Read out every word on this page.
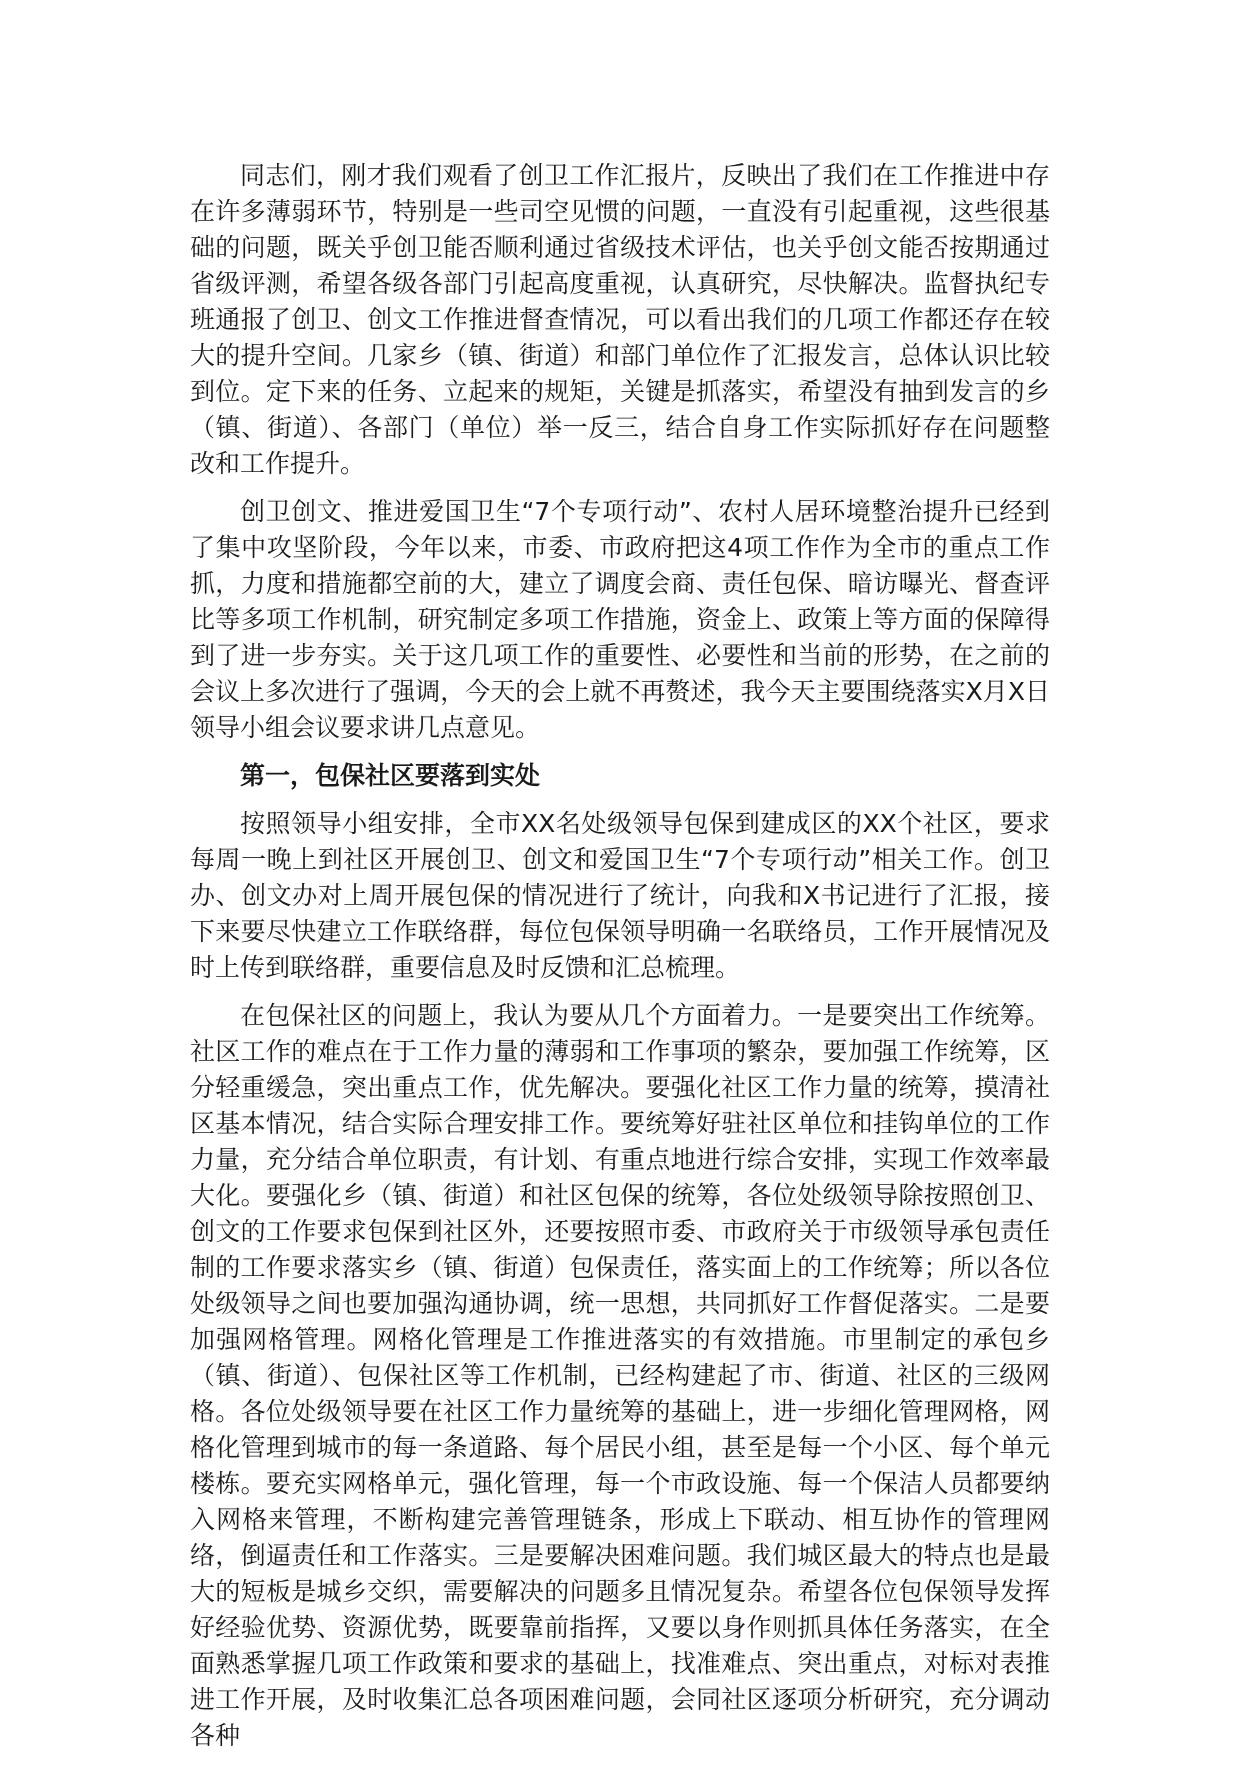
同志们，刚才我们观看了创卫工作汇报片，反映出了我们在工作推进中存在许多薄弱环节，特别是一些司空见惯的问题，一直没有引起重视，这些很基础的问题，既关乎创卫能否顺利通过省级技术评估，也关乎创文能否按期通过省级评测，希望各级各部门引起高度重视，认真研究，尽快解决。监督执纪专班通报了创卫、创文工作推进督查情况，可以看出我们的几项工作都还存在较大的提升空间。几家乡（镇、街道）和部门单位作了汇报发言，总体认识比较到位。定下来的任务、立起来的规矩，关键是抓落实，希望没有抽到发言的乡（镇、街道）、各部门（单位）举一反三，结合自身工作实际抓好存在问题整改和工作提升。

创卫创文、推进爱国卫生“7个专项行动”、农村人居环境整治提升已经到了集中攻坚阶段，今年以来，市委、市政府把这4项工作作为全市的重点工作抓，力度和措施都空前的大，建立了调度会商、责任包保、暗访曝光、督查评比等多项工作机制，研究制定多项工作措施，资金上、政策上等方面的保障得到了进一步夯实。关于这几项工作的重要性、必要性和当前的形势，在之前的会议上多次进行了强调，今天的会上就不再赘述，我今天主要围绕落实X月X日领导小组会议要求讲几点意见。

第一，包保社区要落到实处

按照领导小组安排，全市XX名处级领导包保到建成区的XX个社区，要求每周一晚上到社区开展创卫、创文和爱国卫生“7个专项行动”相关工作。创卫办、创文办对上周开展包保的情况进行了统计，向我和X书记进行了汇报，接下来要尽快建立工作联络群，每位包保领导明确一名联络员，工作开展情况及时上传到联络群，重要信息及时反馈和汇总梳理。

在包保社区的问题上，我认为要从几个方面着力。一是要突出工作统筹。社区工作的难点在于工作力量的薄弱和工作事项的繁杂，要加强工作统筹，区分轻重缓急，突出重点工作，优先解决。要强化社区工作力量的统筹，摸清社区基本情况，结合实际合理安排工作。要统筹好驻社区单位和挂钩单位的工作力量，充分结合单位职责，有计划、有重点地进行综合安排，实现工作效率最大化。要强化乡（镇、街道）和社区包保的统筹，各位处级领导除按照创卫、创文的工作要求包保到社区外，还要按照市委、市政府关于市级领导承包责任制的工作要求落实乡（镇、街道）包保责任，落实面上的工作统筹；所以各位处级领导之间也要加强沟通协调，统一思想，共同抓好工作督促落实。二是要加强网格管理。网格化管理是工作推进落实的有效措施。市里制定的承包乡（镇、街道）、包保社区等工作机制，已经构建起了市、街道、社区的三级网格。各位处级领导要在社区工作力量统筹的基础上，进一步细化管理网格，网格化管理到城市的每一条道路、每个居民小组，甚至是每一个小区、每个单元楼栋。要充实网格单元，强化管理，每一个市政设施、每一个保洁人员都要纳入网格来管理，不断构建完善管理链条，形成上下联动、相互协作的管理网络，倒逼责任和工作落实。三是要解决困难问题。我们城区最大的特点也是最大的短板是城乡交织，需要解决的问题多且情况复杂。希望各位包保领导发挥好经验优势、资源优势，既要靠前指挥，又要以身作则抓具体任务落实，在全面熟悉掌握几项工作政策和要求的基础上，找准难点、突出重点，对标对表推进工作开展，及时收集汇总各项困难问题，会同社区逐项分析研究，充分调动各种
